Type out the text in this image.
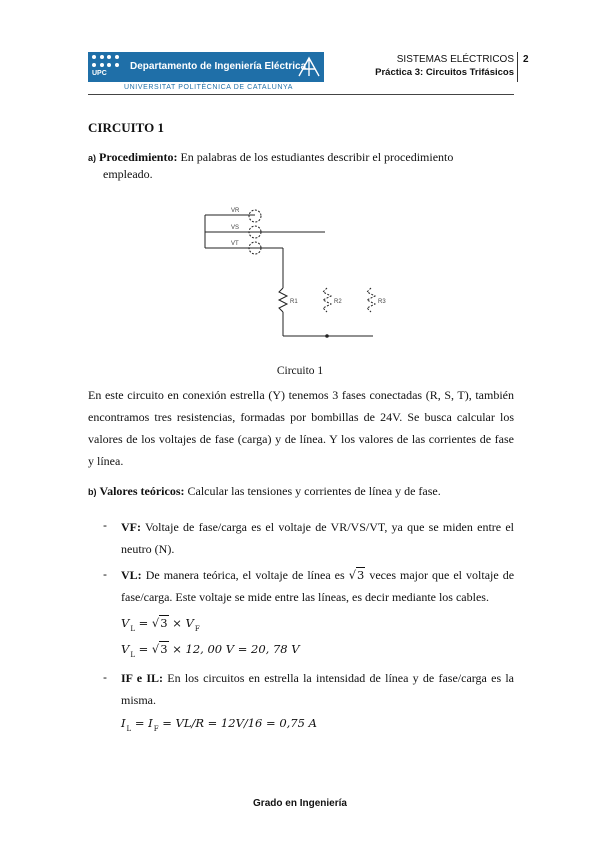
UPC
Departamento de Ingeniería Eléctrica
UNIVERSITAT POLITÈCNICA DE CATALUNYA
SISTEMAS ELÉCTRICOS
Práctica 3: Circuitos Trifásicos
2
CIRCUITO 1
a) Procedimiento: En palabras de los estudiantes describir el procedimiento
empleado.
VR
VS
VT
R1	R2	R3
Circuito 1
En este circuito en conexión estrella (Y) tenemos 3 fases conectadas (R, S, T), también
encontramos tres resistencias, formadas por bombillas de 24V. Se busca calcular los
valores de los voltajes de fase (carga) y de línea. Y los valores de las corrientes de fase
y línea.
b) Valores teóricos: Calcular las tensiones y corrientes de línea y de fase.
- VF: Voltaje de fase/carga es el voltaje de VR/VS/VT, ya que se miden entre el
neutro (N).
- VL: De manera teórica, el voltaje de línea es √3 veces major que el voltaje de
fase/carga. Este voltaje se mide entre las líneas, es decir mediante los cables.
$V_L = √3 \times V_F$
$V_L = √3 \times 12$, 00 V = 20, 78 V
- IF e IL: En los circuitos en estrella la intensidad de línea y de fase/carga es la
misma.
$I_L = I_F = VL/R = 12V/16 = 0,75$ A
Grado en Ingeniería
